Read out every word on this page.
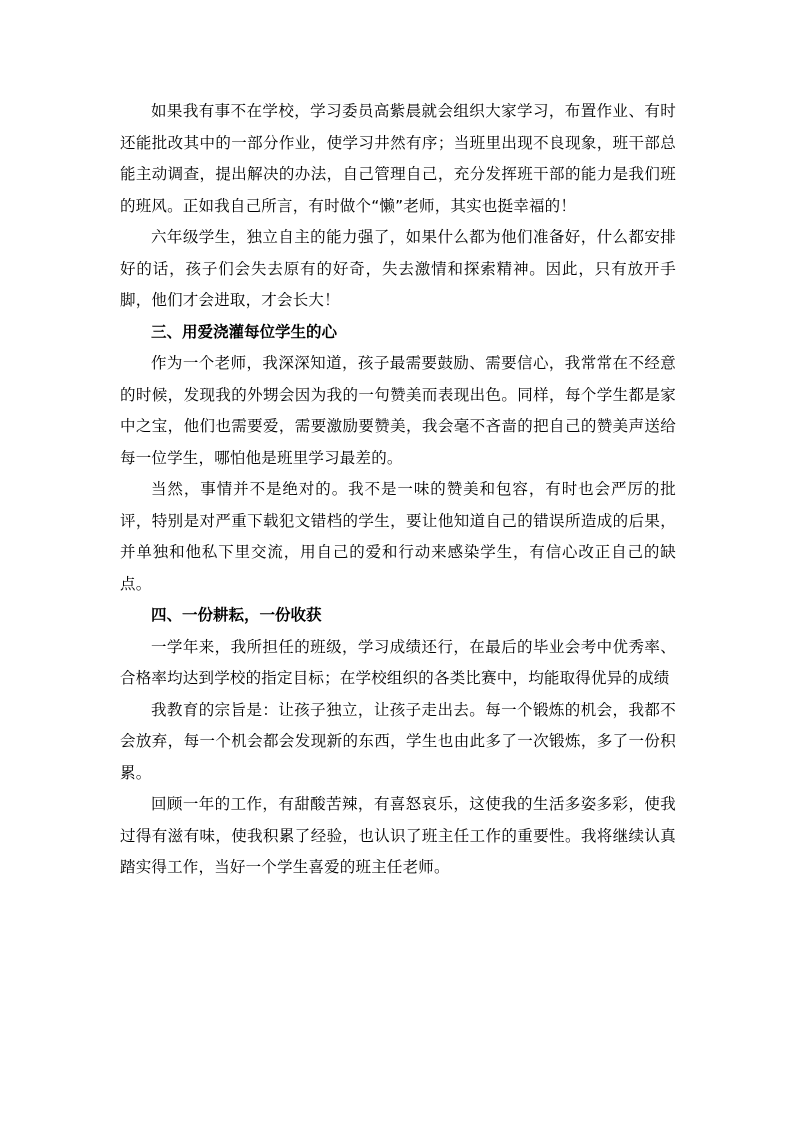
如果我有事不在学校，学习委员高紫晨就会组织大家学习，布置作业、有时还能批改其中的一部分作业，使学习井然有序；当班里出现不良现象，班干部总能主动调查，提出解决的办法，自己管理自己，充分发挥班干部的能力是我们班的班风。正如我自己所言，有时做个“懒”老师，其实也挺幸福的！

六年级学生，独立自主的能力强了，如果什么都为他们准备好，什么都安排好的话，孩子们会失去原有的好奇，失去激情和探索精神。因此，只有放开手脚，他们才会进取，才会长大！

三、用爱浇灌每位学生的心

作为一个老师，我深深知道，孩子最需要鼓励、需要信心，我常常在不经意的时候，发现我的外甥会因为我的一句赞美而表现出色。同样，每个学生都是家中之宝，他们也需要爱，需要激励要赞美，我会毫不吝啬的把自己的赞美声送给每一位学生，哪怕他是班里学习最差的。

当然，事情并不是绝对的。我不是一味的赞美和包容，有时也会严厉的批评，特别是对严重下载犯文错档的学生，要让他知道自己的错误所造成的后果，并单独和他私下里交流，用自己的爱和行动来感染学生，有信心改正自己的缺点。

四、一份耕耘，一份收获

一学年来，我所担任的班级，学习成绩还行，在最后的毕业会考中优秀率、合格率均达到学校的指定目标；在学校组织的各类比赛中，均能取得优异的成绩

我教育的宗旨是：让孩子独立，让孩子走出去。每一个锻炼的机会，我都不会放弃，每一个机会都会发现新的东西，学生也由此多了一次锻炼，多了一份积累。

回顾一年的工作，有甜酸苦辣，有喜怒哀乐，这使我的生活多姿多彩，使我过得有滋有味，使我积累了经验，也认识了班主任工作的重要性。我将继续认真踏实得工作，当好一个学生喜爱的班主任老师。
